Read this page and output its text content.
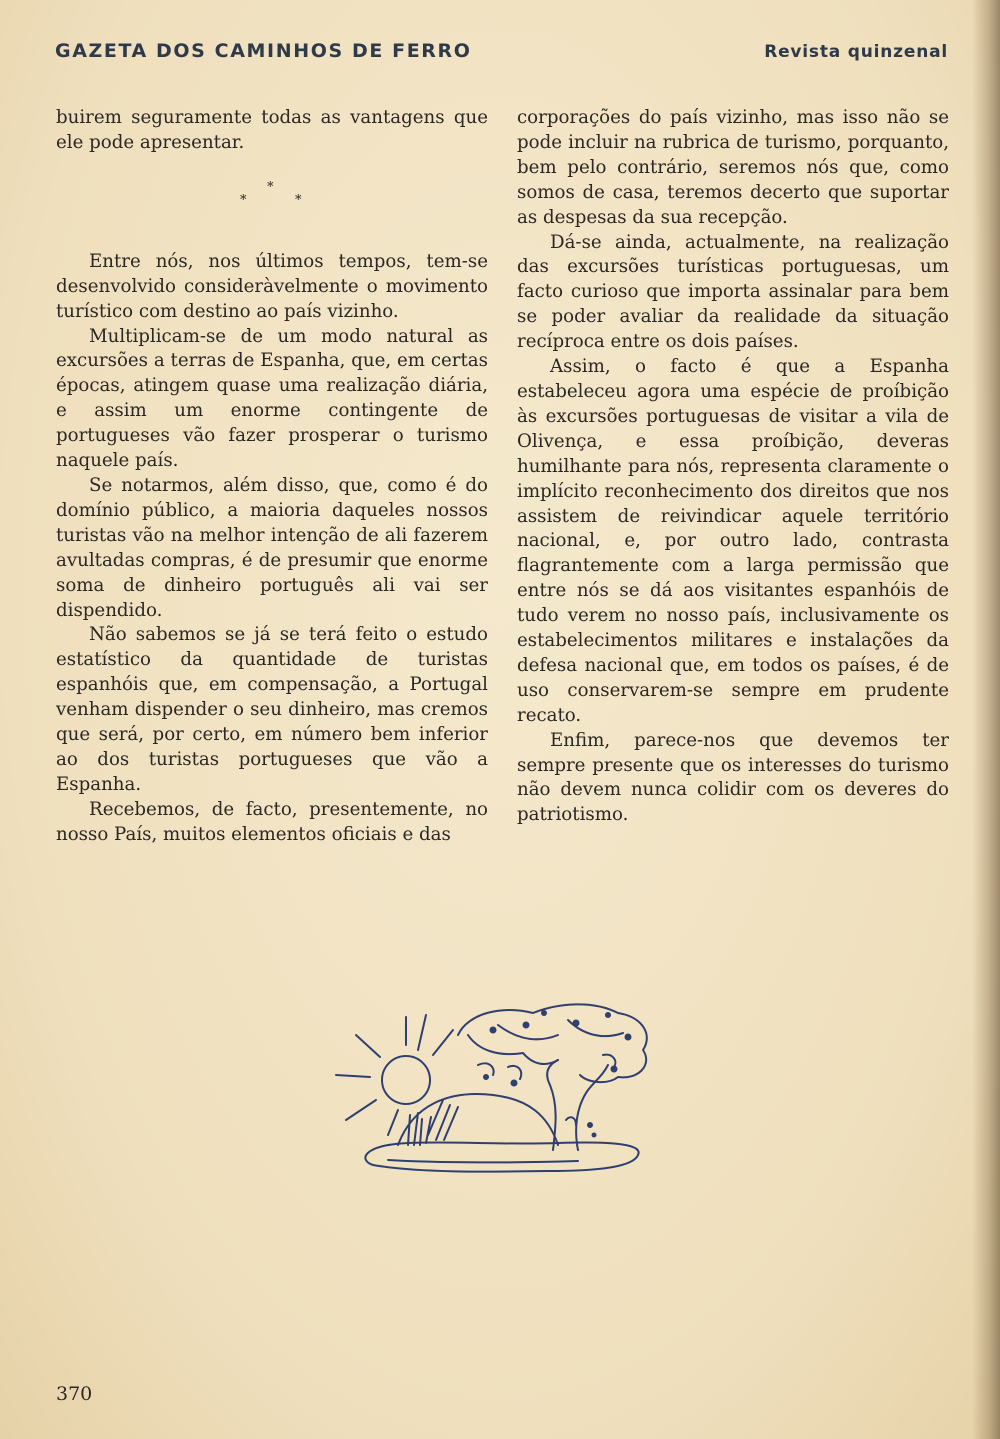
GAZETA DOS CAMINHOS DE FERRO	Revista quinzenal

buirem seguramente todas as vantagens que ele pode apresentar.

*
*	*

Entre nós, nos últimos tempos, tem-se desenvolvido consideràvelmente o movimento turístico com destino ao país vizinho.

Multiplicam-se de um modo natural as excursões a terras de Espanha, que, em certas épocas, atingem quase uma realização diária, e assim um enorme contingente de portugueses vão fazer prosperar o turismo naquele país.

Se notarmos, além disso, que, como é do domínio público, a maioria daqueles nossos turistas vão na melhor intenção de ali fazerem avultadas compras, é de presumir que enorme soma de dinheiro português ali vai ser dispendido.

Não sabemos se já se terá feito o estudo estatístico da quantidade de turistas espanhóis que, em compensação, a Portugal venham dispender o seu dinheiro, mas cremos que será, por certo, em número bem inferior ao dos turistas portugueses que vão a Espanha.

Recebemos, de facto, presentemente, no nosso País, muitos elementos oficiais e das

corporações do país vizinho, mas isso não se pode incluir na rubrica de turismo, porquanto, bem pelo contrário, seremos nós que, como somos de casa, teremos decerto que suportar as despesas da sua recepção.

Dá-se ainda, actualmente, na realização das excursões turísticas portuguesas, um facto curioso que importa assinalar para bem se poder avaliar da realidade da situação recíproca entre os dois países.

Assim, o facto é que a Espanha estabeleceu agora uma espécie de proíbição às excursões portuguesas de visitar a vila de Olivença, e essa proíbição, deveras humilhante para nós, representa claramente o implícito reconhecimento dos direitos que nos assistem de reivindicar aquele território nacional, e, por outro lado, contrasta flagrantemente com a larga permissão que entre nós se dá aos visitantes espanhóis de tudo verem no nosso país, inclusivamente os estabelecimentos militares e instalações da defesa nacional que, em todos os países, é de uso conservarem-se sempre em prudente recato.

Enfim, parece-nos que devemos ter sempre presente que os interesses do turismo não devem nunca colidir com os deveres do patriotismo.

370
